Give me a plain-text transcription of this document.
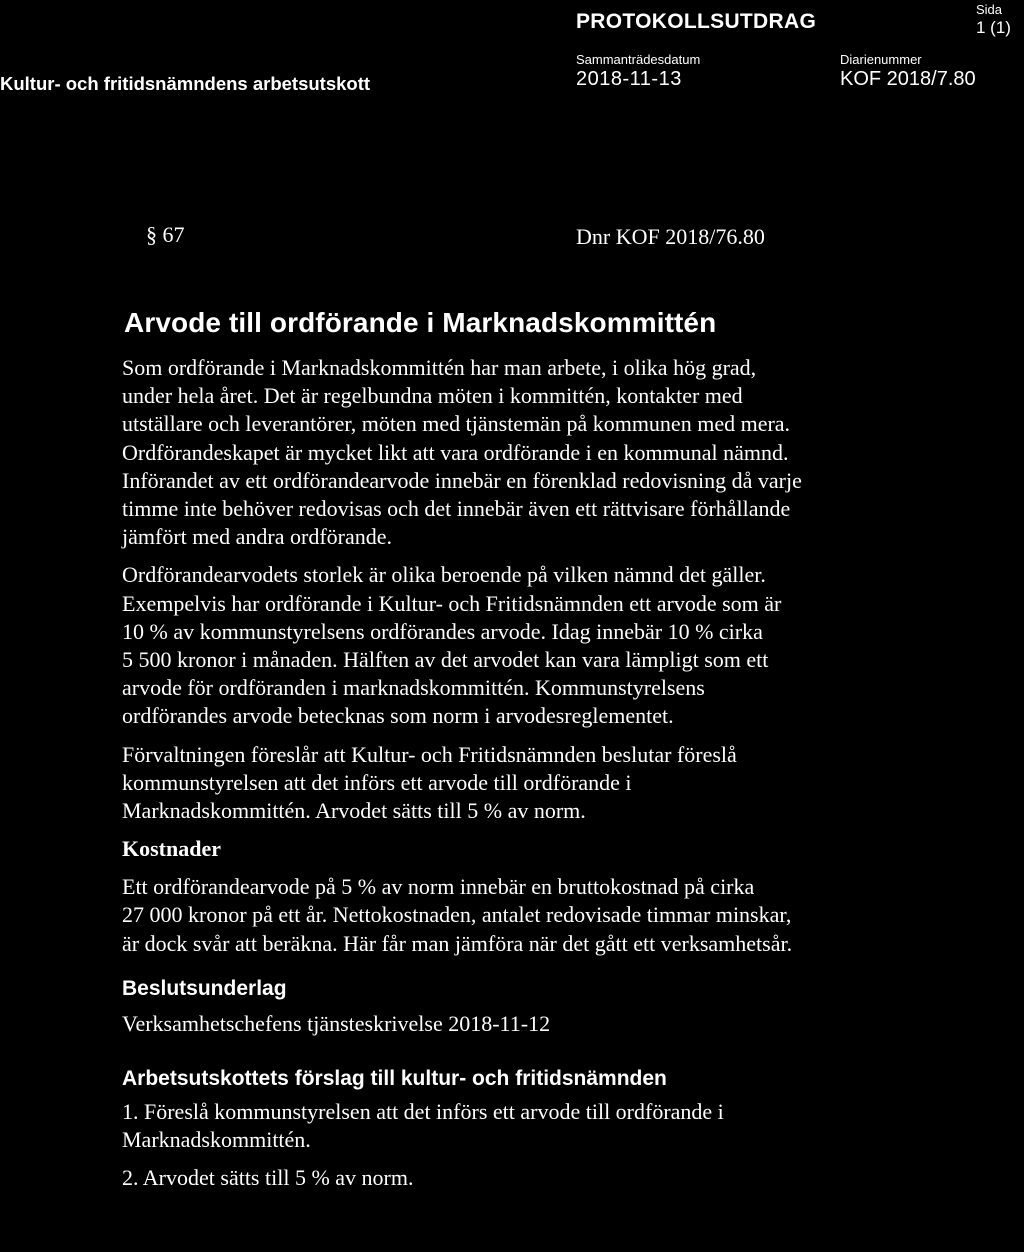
PROTOKOLLSUTDRAG
Sida
1 (1)
Kultur- och fritidsnämndens arbetsutskott
Sammanträdesdatum
2018-11-13
Diarienummer
KOF 2018/7.80
§ 67	Dnr KOF 2018/76.80
Arvode till ordförande i Marknadskommittén
Som ordförande i Marknadskommittén har man arbete, i olika hög grad,
under hela året. Det är regelbundna möten i kommittén, kontakter med
utställare och leverantörer, möten med tjänstemän på kommunen med mera.
Ordförandeskapet är mycket likt att vara ordförande i en kommunal nämnd.
Införandet av ett ordförandearvode innebär en förenklad redovisning då varje
timme inte behöver redovisas och det innebär även ett rättvisare förhållande
jämfört med andra ordförande.
Ordförandearvodets storlek är olika beroende på vilken nämnd det gäller.
Exempelvis har ordförande i Kultur- och Fritidsnämnden ett arvode som är
10 % av kommunstyrelsens ordförandes arvode. Idag innebär 10 % cirka
5 500 kronor i månaden. Hälften av det arvodet kan vara lämpligt som ett
arvode för ordföranden i marknadskommittén. Kommunstyrelsens
ordförandes arvode betecknas som norm i arvodesreglementet.
Förvaltningen föreslår att Kultur- och Fritidsnämnden beslutar föreslå
kommunstyrelsen att det införs ett arvode till ordförande i
Marknadskommittén. Arvodet sätts till 5 % av norm.
Kostnader
Ett ordförandearvode på 5 % av norm innebär en bruttokostnad på cirka
27 000 kronor på ett år. Nettokostnaden, antalet redovisade timmar minskar,
är dock svår att beräkna. Här får man jämföra när det gått ett verksamhetsår.
Beslutsunderlag
Verksamhetschefens tjänsteskrivelse 2018-11-12
Arbetsutskottets förslag till kultur- och fritidsnämnden
1. Föreslå kommunstyrelsen att det införs ett arvode till ordförande i
Marknadskommittén.
2. Arvodet sätts till 5 % av norm.
